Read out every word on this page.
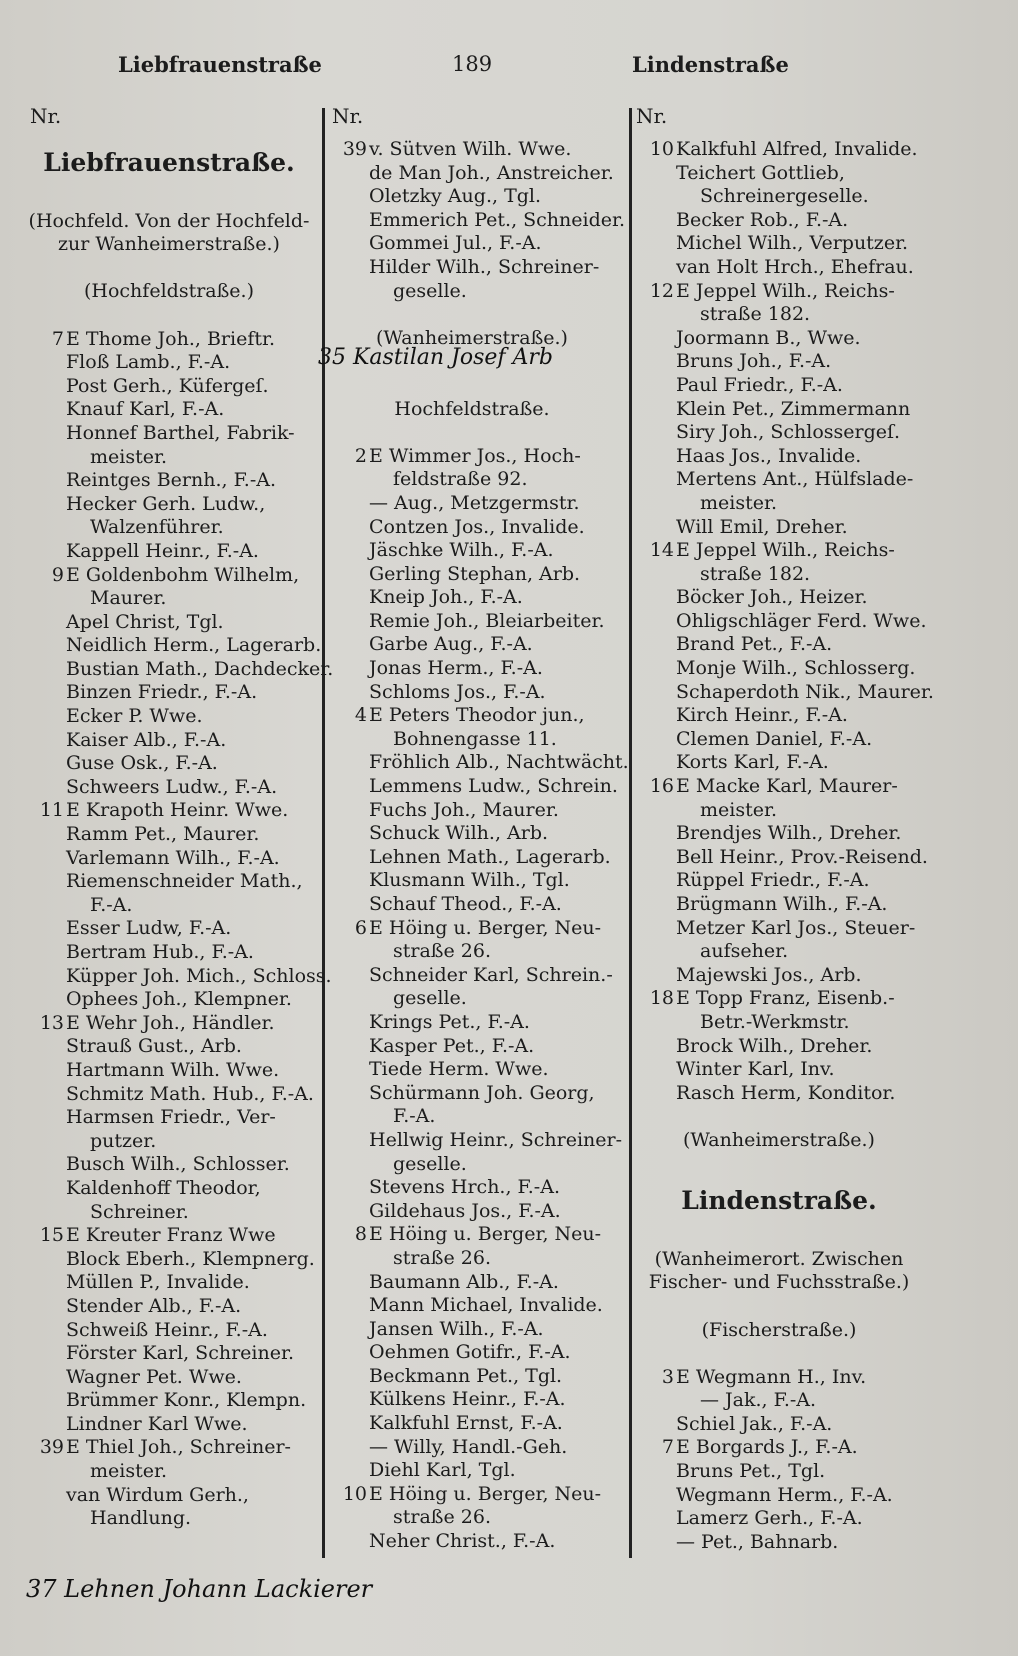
Liebfrauenstraße	189	Lindenstraße
Nr.	Nr.	Nr.
Liebfrauenstraße.
(Hochfeld. Von der Hochfeld-
zur Wanheimerstraße.)
(Hochfeldstraße.)
7 E Thome Joh., Brieftr.
Floß Lamb., F.-A.
Post Gerh., Küfergeſ.
Knauf Karl, F.-A.
Honnef Barthel, Fabrik-
meister.
Reintges Bernh., F.-A.
Hecker Gerh. Ludw.,
Walzenführer.
Kappell Heinr., F.-A.
9 E Goldenbohm Wilhelm,
Maurer.
Apel Christ, Tgl.
Neidlich Herm., Lagerarb.
Bustian Math., Dachdecker.
Binzen Friedr., F.-A.
Ecker P. Wwe.
Kaiser Alb., F.-A.
Guse Osk., F.-A.
Schweers Ludw., F.-A.
11 E Krapoth Heinr. Wwe.
Ramm Pet., Maurer.
Varlemann Wilh., F.-A.
Riemenschneider Math.,
F.-A.
Esser Ludw, F.-A.
Bertram Hub., F.-A.
Küpper Joh. Mich., Schloss.
Ophees Joh., Klempner.
13 E Wehr Joh., Händler.
Strauß Gust., Arb.
Hartmann Wilh. Wwe.
Schmitz Math. Hub., F.-A.
Harmsen Friedr., Ver-
putzer.
Busch Wilh., Schlosser.
Kaldenhoff Theodor,
Schreiner.
15 E Kreuter Franz Wwe
Block Eberh., Klempnerg.
Müllen P., Invalide.
Stender Alb., F.-A.
Schweiß Heinr., F.-A.
Förster Karl, Schreiner.
Wagner Pet. Wwe.
Brümmer Konr., Klempn.
Lindner Karl Wwe.
39 E Thiel Joh., Schreiner-
meister.
van Wirdum Gerh.,
Handlung.
39 v. Sütven Wilh. Wwe.
de Man Joh., Anstreicher.
Oletzky Aug., Tgl.
Emmerich Pet., Schneider.
Gommei Jul., F.-A.
Hilder Wilh., Schreiner-
geselle.
(Wanheimerstraße.)
Hochfeldstraße.
2 E Wimmer Jos., Hoch-
feldstraße 92.
— Aug., Metzgermstr.
Contzen Jos., Invalide.
Jäschke Wilh., F.-A.
Gerling Stephan, Arb.
Kneip Joh., F.-A.
Remie Joh., Bleiarbeiter.
Garbe Aug., F.-A.
Jonas Herm., F.-A.
Schloms Jos., F.-A.
4 E Peters Theodor jun.,
Bohnengasse 11.
Fröhlich Alb., Nachtwächt.
Lemmens Ludw., Schrein.
Fuchs Joh., Maurer.
Schuck Wilh., Arb.
Lehnen Math., Lagerarb.
Klusmann Wilh., Tgl.
Schauf Theod., F.-A.
6 E Höing u. Berger, Neu-
straße 26.
Schneider Karl, Schrein.-
geselle.
Krings Pet., F.-A.
Kasper Pet., F.-A.
Tiede Herm. Wwe.
Schürmann Joh. Georg,
F.-A.
Hellwig Heinr., Schreiner-
geselle.
Stevens Hrch., F.-A.
Gildehaus Jos., F.-A.
8 E Höing u. Berger, Neu-
straße 26.
Baumann Alb., F.-A.
Mann Michael, Invalide.
Jansen Wilh., F.-A.
Oehmen Gotifr., F.-A.
Beckmann Pet., Tgl.
Külkens Heinr., F.-A.
Kalkfuhl Ernst, F.-A.
— Willy, Handl.-Geh.
Diehl Karl, Tgl.
10 E Höing u. Berger, Neu-
straße 26.
Neher Christ., F.-A.
10 Kalkfuhl Alfred, Invalide.
Teichert Gottlieb,
Schreinergeselle.
Becker Rob., F.-A.
Michel Wilh., Verputzer.
van Holt Hrch., Ehefrau.
12 E Jeppel Wilh., Reichs-
straße 182.
Joormann B., Wwe.
Bruns Joh., F.-A.
Paul Friedr., F.-A.
Klein Pet., Zimmermann
Siry Joh., Schlossergeſ.
Haas Jos., Invalide.
Mertens Ant., Hülfslade-
meister.
Will Emil, Dreher.
14 E Jeppel Wilh., Reichs-
straße 182.
Böcker Joh., Heizer.
Ohligschläger Ferd. Wwe.
Brand Pet., F.-A.
Monje Wilh., Schlosserg.
Schaperdoth Nik., Maurer.
Kirch Heinr., F.-A.
Clemen Daniel, F.-A.
Korts Karl, F.-A.
16 E Macke Karl, Maurer-
meister.
Brendjes Wilh., Dreher.
Bell Heinr., Prov.-Reisend.
Rüppel Friedr., F.-A.
Brügmann Wilh., F.-A.
Metzer Karl Jos., Steuer-
aufseher.
Majewski Jos., Arb.
18 E Topp Franz, Eisenb.-
Betr.-Werkmstr.
Brock Wilh., Dreher.
Winter Karl, Inv.
Rasch Herm, Konditor.
(Wanheimerstraße.)
Lindenstraße.
(Wanheimerort. Zwischen
Fischer- und Fuchsstraße.)
(Fischerstraße.)
3 E Wegmann H., Inv.
— Jak., F.-A.
Schiel Jak., F.-A.
7 E Borgards J., F.-A.
Bruns Pet., Tgl.
Wegmann Herm., F.-A.
Lamerz Gerh., F.-A.
— Pet., Bahnarb.
35 Kastilan Josef Arb
37 Lehnen Johann Lackierer
